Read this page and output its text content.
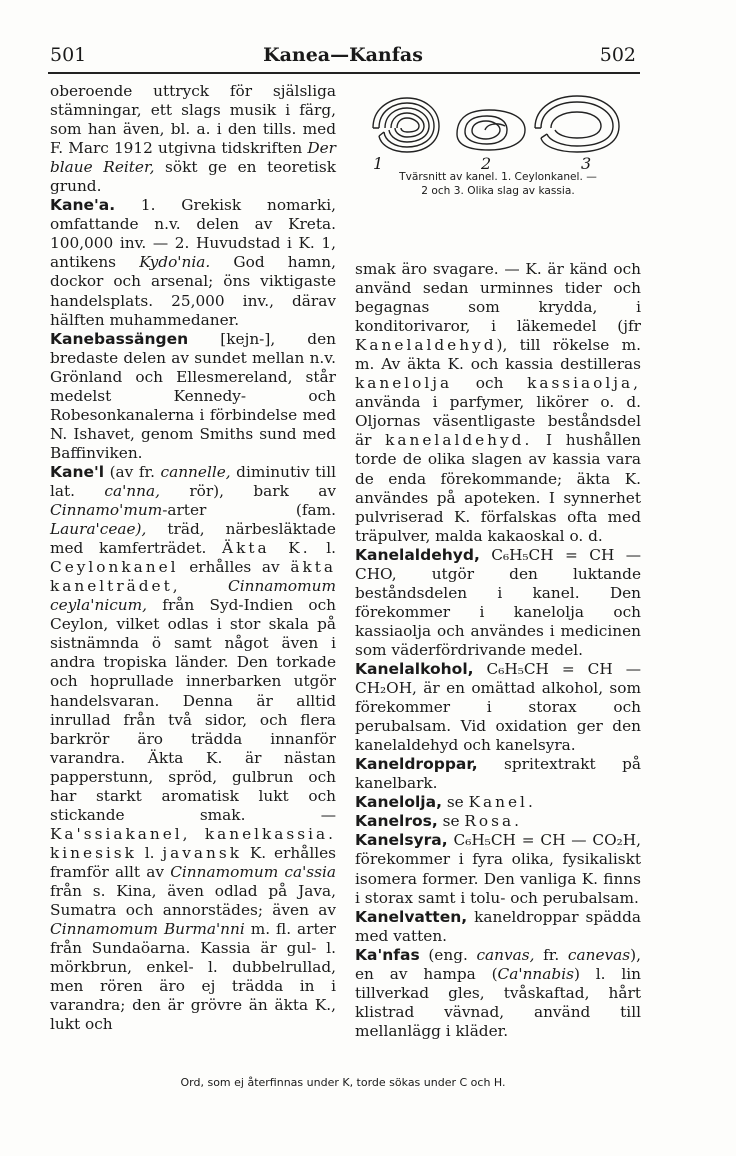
501	Kanea—Kanfas	502

oberoende uttryck för själsliga stämningar, ett slags musik i färg, som han även, bl. a. i den tills. med F. Marc 1912 utgivna tidskriften Der blaue Reiter, sökt ge en teoretisk grund.

Kane'a. 1. Grekisk nomarki, omfattande n.v. delen av Kreta. 100,000 inv. — 2. Huvudstad i K. 1, antikens Kydo'nia. God hamn, dockor och arsenal; öns viktigaste handelsplats. 25,000 inv., därav hälften muhammedaner.

Kanebassängen [kejn-], den bredaste delen av sundet mellan n.v. Grönland och Ellesmereland, står medelst Kennedy- och Robesonkanalerna i förbindelse med N. Ishavet, genom Smiths sund med Baffinviken.

Kane'l (av fr. cannelle, diminutiv till lat. ca'nna, rör), bark av Cinnamo'mum-arter (fam. Laura'ceae), träd, närbesläktade med kamferträdet. Äkta K. l. Ceylonkanel erhålles av äkta kanelträdet,	Cinnamomum ceyla'nicum, från Syd-Indien och Ceylon, vilket odlas i stor skala på sistnämnda ö samt något även i andra tropiska länder. Den torkade och hoprullade innerbarken utgör handelsvaran. Denna är alltid inrullad från två sidor, och flera barkrör äro trädda innanför varandra. Äkta K. är nästan papperstunn, spröd, gulbrun och har starkt aromatisk lukt och stickande smak. — Ka'ssiakanel, kanelkassia. kinesisk l. javansk K. erhålles framför allt av Cinnamomum ca'ssia från s. Kina, även odlad på Java, Sumatra och annorstädes; även av Cinnamomum Burma'nni m. fl. arter från Sundaöarna. Kassia är gul- l. mörkbrun, enkel- l. dubbelrullad, men rören äro ej trädda in i varandra; den är grövre än äkta K., lukt och

1	2	3
Tvärsnitt av kanel. 1. Ceylonkanel. —
2 och 3. Olika slag av kassia.

smak äro svagare. — K. är känd och använd sedan urminnes tider och begagnas som krydda, i konditorivaror, i läkemedel (jfr Kanelaldehyd), till rökelse m. m. Av äkta K. och kassia destilleras kanelolja och kassiaolja, använda i parfymer, likörer o. d. Oljornas väsentligaste beståndsdel är kanelaldehyd. I hushållen torde de olika slagen av kassia vara de enda förekommande; äkta K. användes på apoteken. I synnerhet pulvriserad K. förfalskas ofta med träpulver, malda kakaoskal o. d.

Kanelaldehyd, C₆H₅CH = CH — CHO, utgör den luktande beståndsdelen i kanel. Den förekommer i kanelolja och kassiaolja och användes i medicinen som väderfördrivande medel.

Kanelalkohol, C₆H₅CH = CH — CH₂OH, är en omättad alkohol, som förekommer i storax och perubalsam. Vid oxidation ger den kanelaldehyd och kanelsyra.

Kaneldroppar, spritextrakt på kanelbark.

Kanelolja, se Kanel.

Kanelros, se Rosa.

Kanelsyra, C₆H₅CH = CH — CO₂H, förekommer i fyra olika, fysikaliskt isomera former. Den vanliga K. finns i storax samt i tolu- och perubalsam.

Kanelvatten, kaneldroppar spädda med vatten.

Ka'nfas (eng. canvas, fr. canevas), en av hampa (Ca'nnabis) l. lin tillverkad gles, tvåskaftad, hårt klistrad vävnad, använd till mellanlägg i kläder.

Ord, som ej återfinnas under K, torde sökas under C och H.
